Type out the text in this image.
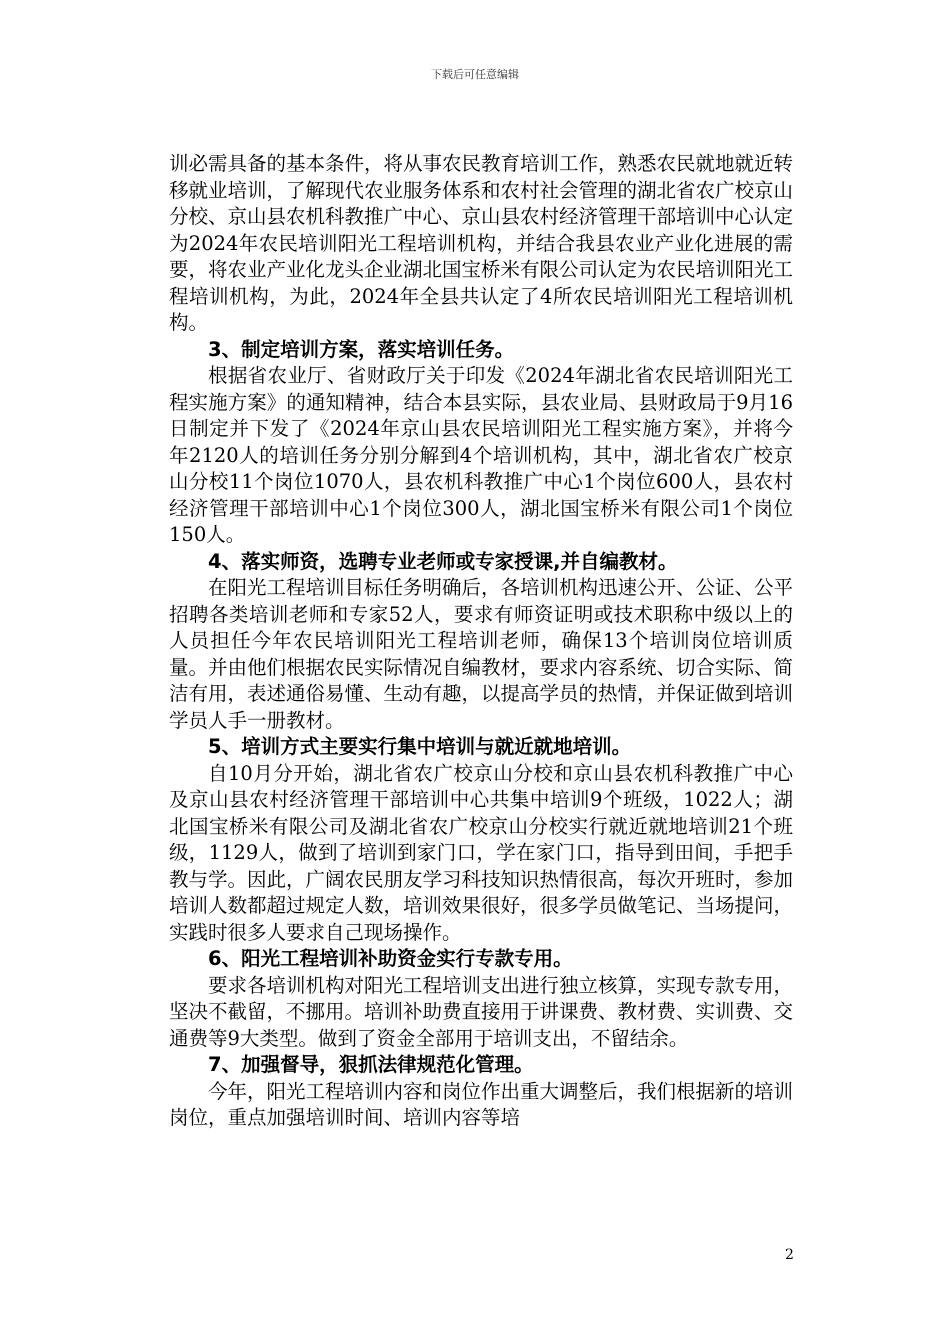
下载后可任意编辑

训必需具备的基本条件，将从事农民教育培训工作，熟悉农民就地就近转移就业培训，了解现代农业服务体系和农村社会管理的湖北省农广校京山分校、京山县农机科教推广中心、京山县农村经济管理干部培训中心认定为2024年农民培训阳光工程培训机构，并结合我县农业产业化进展的需要，将农业产业化龙头企业湖北国宝桥米有限公司认定为农民培训阳光工程培训机构，为此，2024年全县共认定了4所农民培训阳光工程培训机构。

3、制定培训方案，落实培训任务。

根据省农业厅、省财政厅关于印发《2024年湖北省农民培训阳光工程实施方案》的通知精神，结合本县实际，县农业局、县财政局于9月16日制定并下发了《2024年京山县农民培训阳光工程实施方案》，并将今年2120人的培训任务分别分解到4个培训机构，其中，湖北省农广校京山分校11个岗位1070人，县农机科教推广中心1个岗位600人，县农村经济管理干部培训中心1个岗位300人，湖北国宝桥米有限公司1个岗位150人。

4、落实师资，选聘专业老师或专家授课,并自编教材。

在阳光工程培训目标任务明确后，各培训机构迅速公开、公证、公平招聘各类培训老师和专家52人，要求有师资证明或技术职称中级以上的人员担任今年农民培训阳光工程培训老师，确保13个培训岗位培训质量。并由他们根据农民实际情况自编教材，要求内容系统、切合实际、简洁有用，表述通俗易懂、生动有趣，以提高学员的热情，并保证做到培训学员人手一册教材。

5、培训方式主要实行集中培训与就近就地培训。

自10月分开始，湖北省农广校京山分校和京山县农机科教推广中心及京山县农村经济管理干部培训中心共集中培训9个班级，1022人；湖北国宝桥米有限公司及湖北省农广校京山分校实行就近就地培训21个班级，1129人，做到了培训到家门口，学在家门口，指导到田间，手把手教与学。因此，广阔农民朋友学习科技知识热情很高，每次开班时，参加培训人数都超过规定人数，培训效果很好，很多学员做笔记、当场提问，实践时很多人要求自己现场操作。

6、阳光工程培训补助资金实行专款专用。

要求各培训机构对阳光工程培训支出进行独立核算，实现专款专用，坚决不截留，不挪用。培训补助费直接用于讲课费、教材费、实训费、交通费等9大类型。做到了资金全部用于培训支出，不留结余。

7、加强督导，狠抓法律规范化管理。

今年，阳光工程培训内容和岗位作出重大调整后，我们根据新的培训岗位，重点加强培训时间、培训内容等培

2
